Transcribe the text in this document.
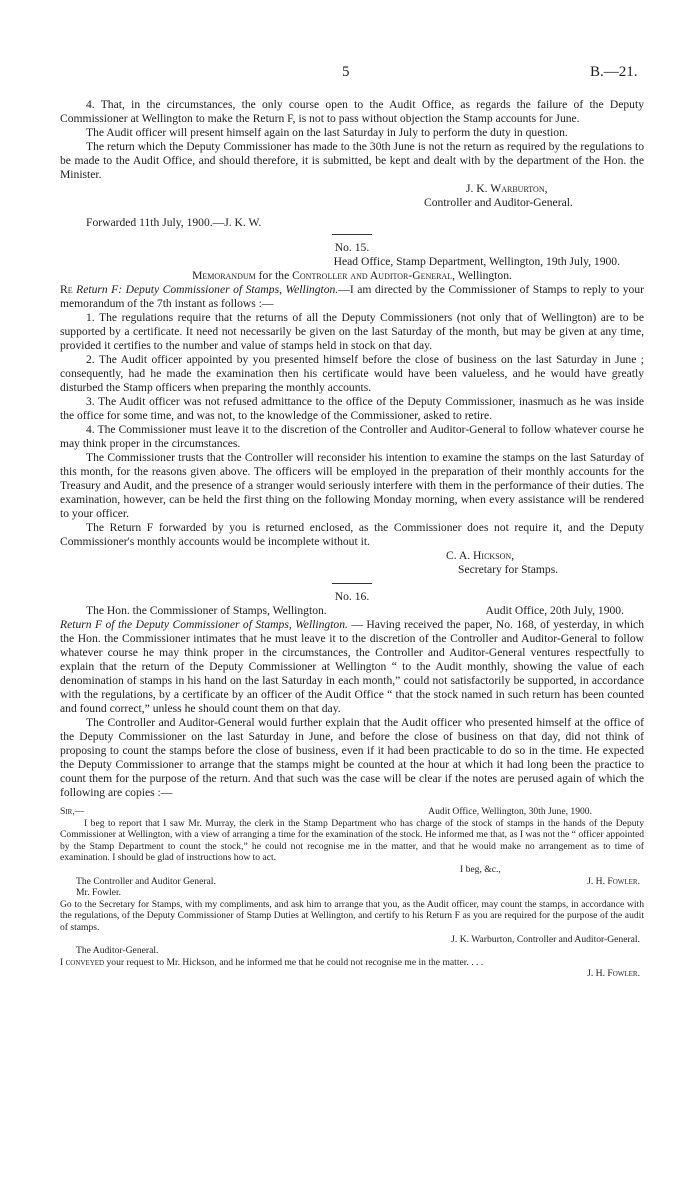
5	B.—21.

4. That, in the circumstances, the only course open to the Audit Office, as regards the failure of the Deputy Commissioner at Wellington to make the Return F, is not to pass without objection the Stamp accounts for June.

The Audit officer will present himself again on the last Saturday in July to perform the duty in question.

The return which the Deputy Commissioner has made to the 30th June is not the return as required by the regulations to be made to the Audit Office, and should therefore, it is submitted, be kept and dealt with by the department of the Hon. the Minister.

J. K. Warburton,

Controller and Auditor-General.

Forwarded 11th July, 1900.—J. K. W.

No. 15.

Head Office, Stamp Department, Wellington, 19th July, 1900.

Memorandum for the Controller and Auditor-General, Wellington.

Re Return F: Deputy Commissioner of Stamps, Wellington.—I am directed by the Commissioner of Stamps to reply to your memorandum of the 7th instant as follows :—

1. The regulations require that the returns of all the Deputy Commissioners (not only that of Wellington) are to be supported by a certificate. It need not necessarily be given on the last Saturday of the month, but may be given at any time, provided it certifies to the number and value of stamps held in stock on that day.

2. The Audit officer appointed by you presented himself before the close of business on the last Saturday in June ; consequently, had he made the examination then his certificate would have been valueless, and he would have greatly disturbed the Stamp officers when preparing the monthly accounts.

3. The Audit officer was not refused admittance to the office of the Deputy Commissioner, inasmuch as he was inside the office for some time, and was not, to the knowledge of the Commissioner, asked to retire.

4. The Commissioner must leave it to the discretion of the Controller and Auditor-General to follow whatever course he may think proper in the circumstances.

The Commissioner trusts that the Controller will reconsider his intention to examine the stamps on the last Saturday of this month, for the reasons given above. The officers will be employed in the preparation of their monthly accounts for the Treasury and Audit, and the presence of a stranger would seriously interfere with them in the performance of their duties. The examination, however, can be held the first thing on the following Monday morning, when every assistance will be rendered to your officer.

The Return F forwarded by you is returned enclosed, as the Commissioner does not require it, and the Deputy Commissioner's monthly accounts would be incomplete without it.

C. A. Hickson,

Secretary for Stamps.

No. 16.

The Hon. the Commissioner of Stamps, Wellington.	Audit Office, 20th July, 1900.

Return F of the Deputy Commissioner of Stamps, Wellington. — Having received the paper, No. 168, of yesterday, in which the Hon. the Commissioner intimates that he must leave it to the discretion of the Controller and Auditor-General to follow whatever course he may think proper in the circumstances, the Controller and Auditor-General ventures respectfully to explain that the return of the Deputy Commissioner at Wellington “ to the Audit monthly, showing the value of each denomination of stamps in his hand on the last Saturday in each month,” could not satisfactorily be supported, in accordance with the regulations, by a certificate by an officer of the Audit Office “ that the stock named in such return has been counted and found correct,” unless he should count them on that day.

The Controller and Auditor-General would further explain that the Audit officer who presented himself at the office of the Deputy Commissioner on the last Saturday in June, and before the close of business on that day, did not think of proposing to count the stamps before the close of business, even if it had been practicable to do so in the time. He expected the Deputy Commissioner to arrange that the stamps might be counted at the hour at which it had long been the practice to count them for the purpose of the return. And that such was the case will be clear if the notes are perused again of which the following are copies :—

Sir,—	Audit Office, Wellington, 30th June, 1900.

I beg to report that I saw Mr. Murray, the clerk in the Stamp Department who has charge of the stock of stamps in the hands of the Deputy Commissioner at Wellington, with a view of arranging a time for the examination of the stock. He informed me that, as I was not the “ officer appointed by the Stamp Department to count the stock,” he could not recognise me in the matter, and that he would make no arrangement as to time of examination. I should be glad of instructions how to act.

I beg, &c.,

The Controller and Auditor General.	J. H. Fowler.

Mr. Fowler.

Go to the Secretary for Stamps, with my compliments, and ask him to arrange that you, as the Audit officer, may count the stamps, in accordance with the regulations, of the Deputy Commissioner of Stamp Duties at Wellington, and certify to his Return F as you are required for the purpose of the audit of stamps.

J. K. Warburton, Controller and Auditor-General.

The Auditor-General.

I conveyed your request to Mr. Hickson, and he informed me that he could not recognise me in the matter. . . .

J. H. Fowler.
